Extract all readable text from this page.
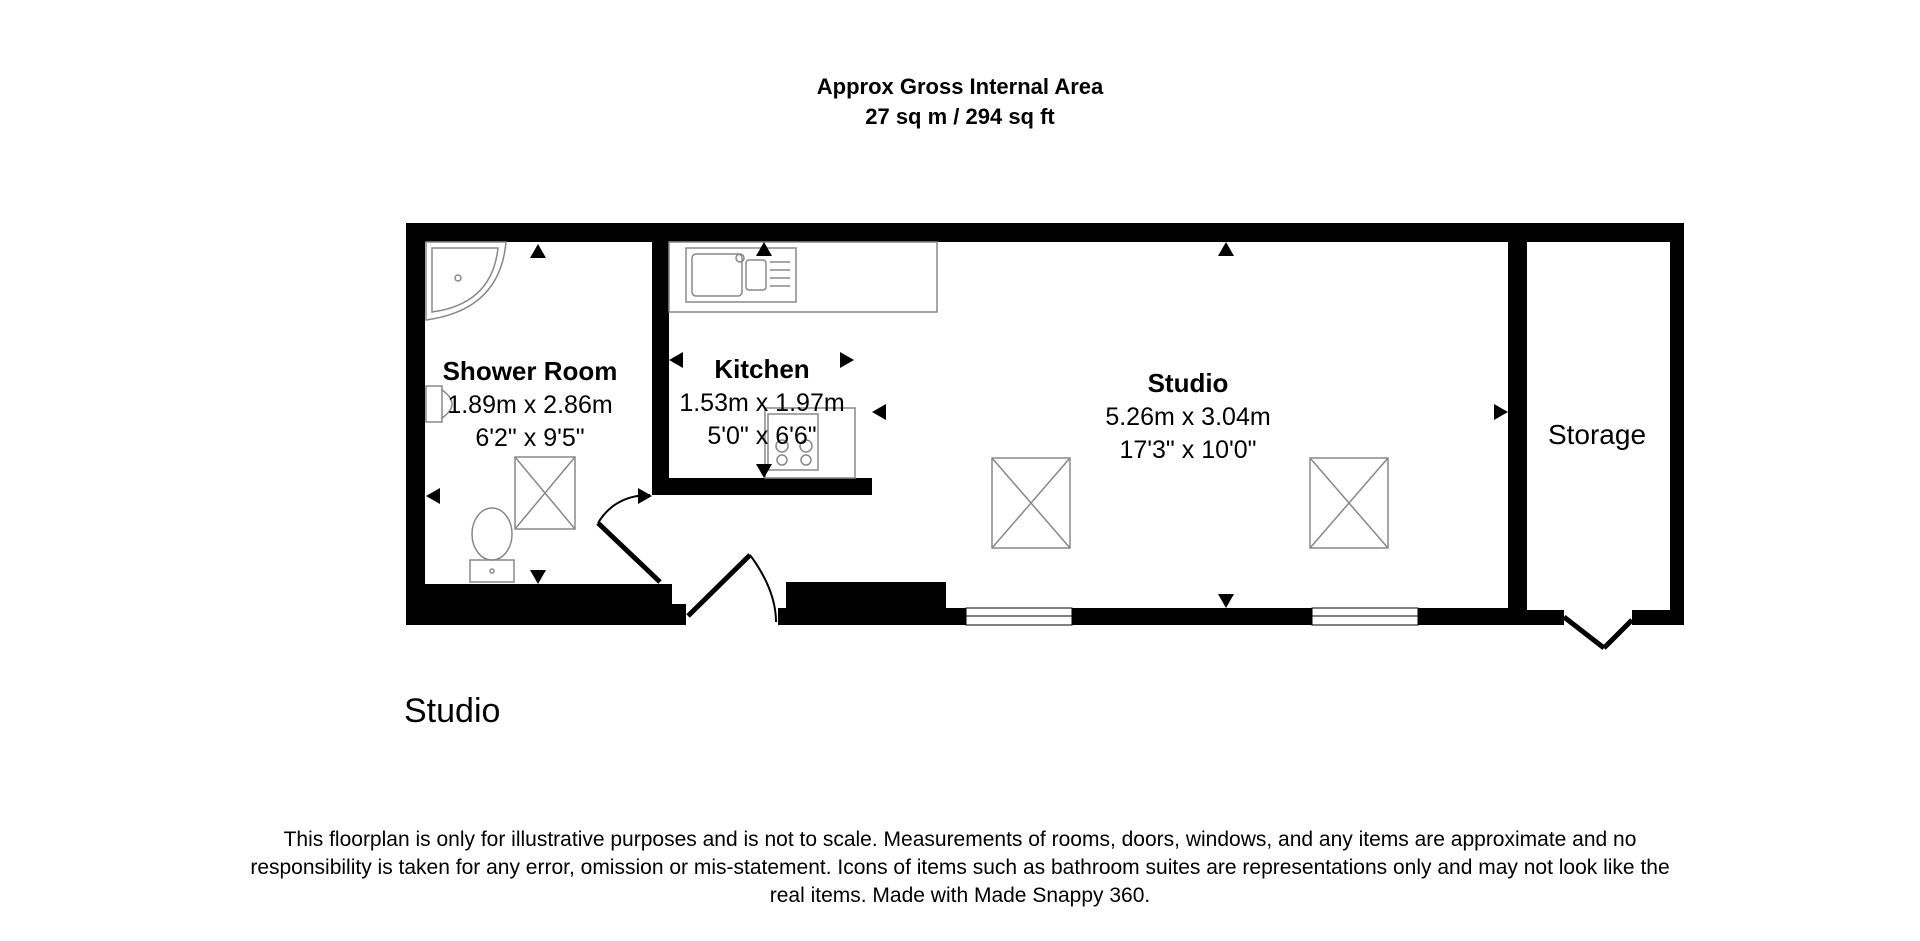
Approx Gross Internal Area
27 sq m / 294 sq ft
Shower Room
1.89m x 2.86m
6'2" x 9'5"
Kitchen
1.53m x 1.97m
5'0" x 6'6"
Studio
5.26m x 3.04m
17'3" x 10'0"	Storage
Studio
This floorplan is only for illustrative purposes and is not to scale. Measurements of rooms, doors, windows, and any items are approximate and no responsibility is taken for any error, omission or mis-statement. Icons of items such as bathroom suites are representations only and may not look like the real items. Made with Made Snappy 360.
